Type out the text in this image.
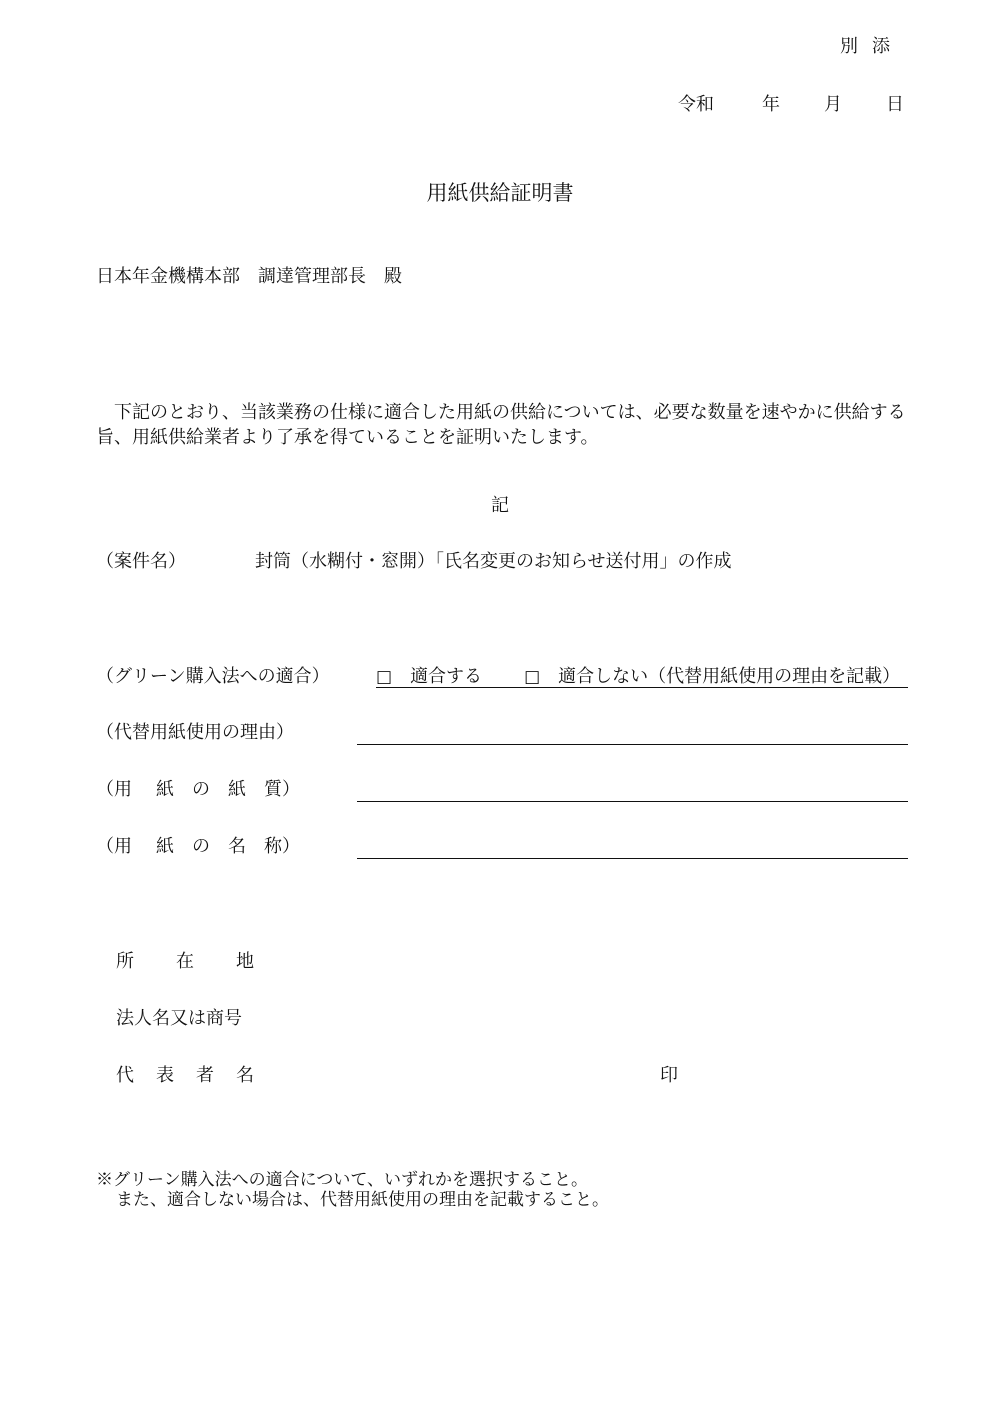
別添
令和	年 月 日
用紙供給証明書
日本年金機構本部　調達管理部長　殿
下記のとおり、当該業務の仕様に適合した用紙の供給については、必要な数量を速やかに供給する旨、用紙供給業者より了承を得ていることを証明いたします。
記
（案件名）	封筒（水糊付・窓開）「氏名変更のお知らせ送付用」の作成
（グリーン購入法への適合）	□ 適合する □ 適合しない（代替用紙使用の理由を記載）
（代替用紙使用の理由）
（用 紙 の 紙 質）
（用 紙 の 名 称）
所 在 地
法人名又は商号
代 表 者 名	印
※グリーン購入法への適合について、いずれかを選択すること。
また、適合しない場合は、代替用紙使用の理由を記載すること。
